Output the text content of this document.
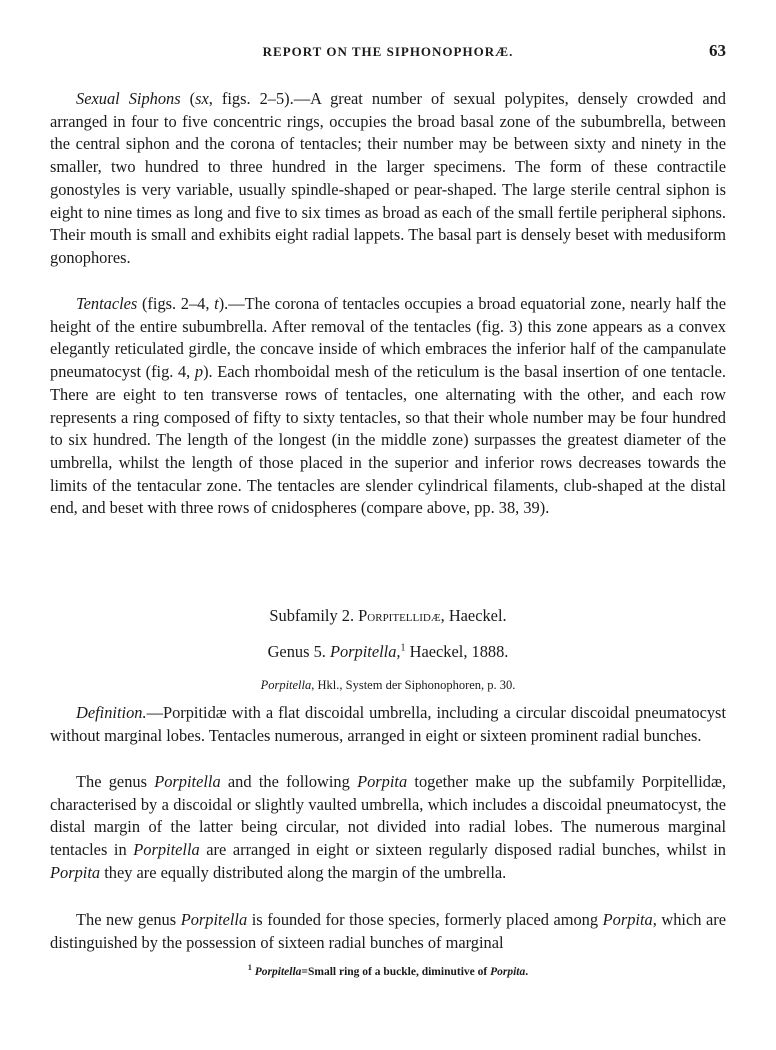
REPORT ON THE SIPHONOPHORÆ.	63

Sexual Siphons (sx, figs. 2–5).—A great number of sexual polypites, densely crowded and arranged in four to five concentric rings, occupies the broad basal zone of the subumbrella, between the central siphon and the corona of tentacles; their number may be between sixty and ninety in the smaller, two hundred to three hundred in the larger specimens. The form of these contractile gonostyles is very variable, usually spindle-shaped or pear-shaped. The large sterile central siphon is eight to nine times as long and five to six times as broad as each of the small fertile peripheral siphons. Their mouth is small and exhibits eight radial lappets. The basal part is densely beset with medusiform gonophores.

Tentacles (figs. 2–4, t).—The corona of tentacles occupies a broad equatorial zone, nearly half the height of the entire subumbrella. After removal of the tentacles (fig. 3) this zone appears as a convex elegantly reticulated girdle, the concave inside of which embraces the inferior half of the campanulate pneumatocyst (fig. 4, p). Each rhomboidal mesh of the reticulum is the basal insertion of one tentacle. There are eight to ten transverse rows of tentacles, one alternating with the other, and each row represents a ring composed of fifty to sixty tentacles, so that their whole number may be four hundred to six hundred. The length of the longest (in the middle zone) surpasses the greatest diameter of the umbrella, whilst the length of those placed in the superior and inferior rows decreases towards the limits of the tentacular zone. The tentacles are slender cylindrical filaments, club-shaped at the distal end, and beset with three rows of cnidospheres (compare above, pp. 38, 39).

Subfamily 2. Porpitellidæ, Haeckel.

Genus 5. Porpitella,$^1$ Haeckel, 1888.

Porpitella, Hkl., System der Siphonophoren, p. 30.

Definition.—Porpitidæ with a flat discoidal umbrella, including a circular discoidal pneumatocyst without marginal lobes. Tentacles numerous, arranged in eight or sixteen prominent radial bunches.

The genus Porpitella and the following Porpita together make up the subfamily Porpitellidæ, characterised by a discoidal or slightly vaulted umbrella, which includes a discoidal pneumatocyst, the distal margin of the latter being circular, not divided into radial lobes. The numerous marginal tentacles in Porpitella are arranged in eight or sixteen regularly disposed radial bunches, whilst in Porpita they are equally distributed along the margin of the umbrella.

The new genus Porpitella is founded for those species, formerly placed among Porpita, which are distinguished by the possession of sixteen radial bunches of marginal

$^1$ Porpitella=Small ring of a buckle, diminutive of Porpita.
